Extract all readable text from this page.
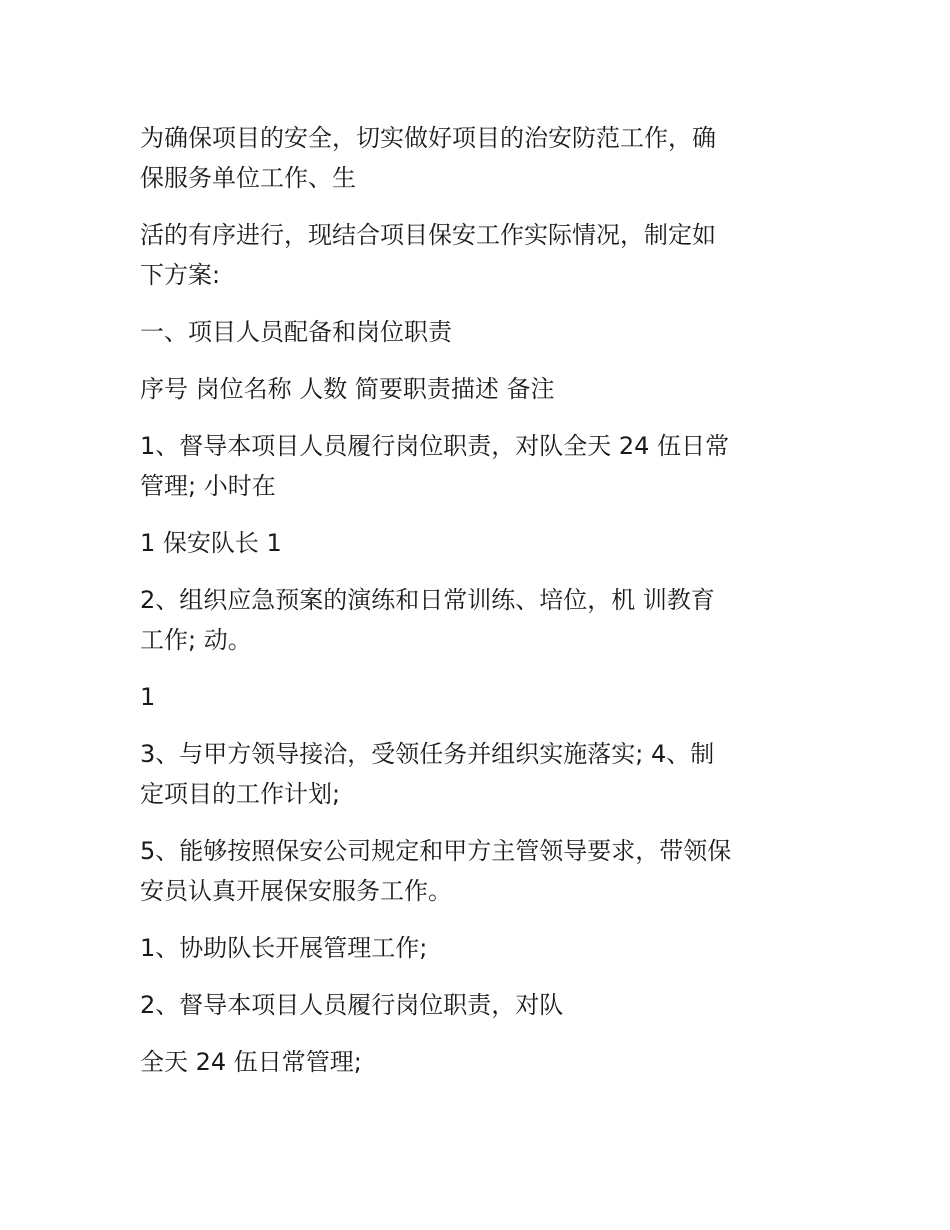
为确保项目的安全，切实做好项目的治安防范工作，确
保服务单位工作、生

活的有序进行，现结合项目保安工作实际情况，制定如
下方案:

一、项目人员配备和岗位职责

序号 岗位名称 人数 简要职责描述 备注

1、督导本项目人员履行岗位职责，对队全天 24 伍日常
管理; 小时在

1 保安队长 1

2、组织应急预案的演练和日常训练、培位，机 训教育
工作; 动。

1

3、与甲方领导接洽，受领任务并组织实施落实; 4、制
定项目的工作计划;

5、能够按照保安公司规定和甲方主管领导要求，带领保
安员认真开展保安服务工作。

1、协助队长开展管理工作;

2、督导本项目人员履行岗位职责，对队

全天 24 伍日常管理;
